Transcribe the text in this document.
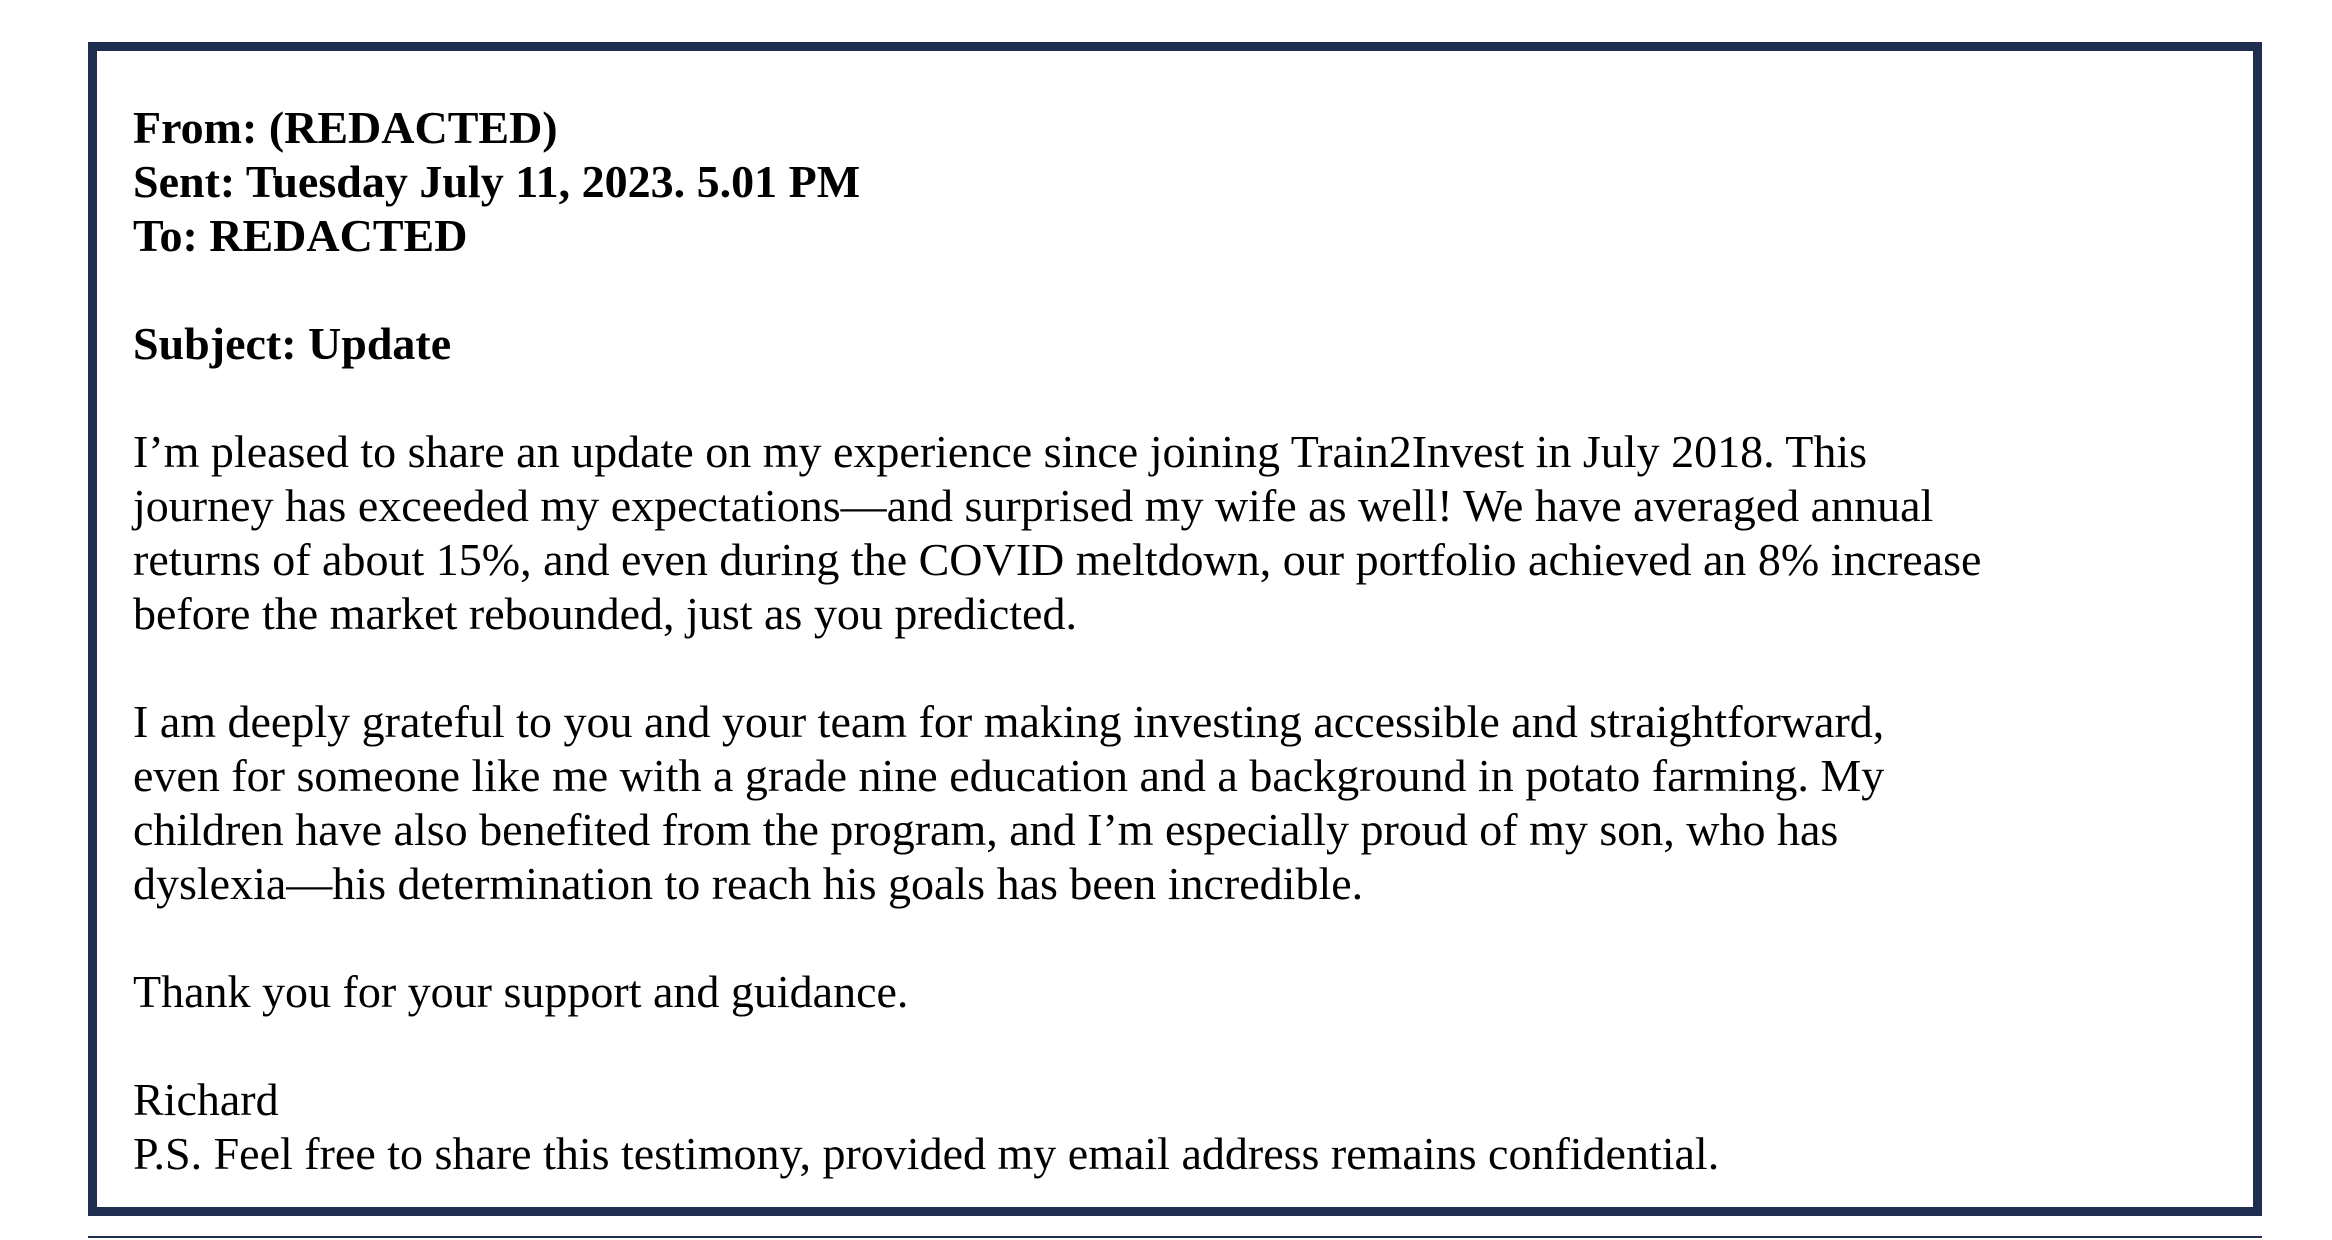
From: (REDACTED)

Sent: Tuesday July 11, 2023. 5.01 PM

To: REDACTED

Subject: Update

I’m pleased to share an update on my experience since joining Train2Invest in July 2018. This
journey has exceeded my expectations—and surprised my wife as well! We have averaged annual
returns of about 15%, and even during the COVID meltdown, our portfolio achieved an 8% increase
before the market rebounded, just as you predicted.

I am deeply grateful to you and your team for making investing accessible and straightforward,
even for someone like me with a grade nine education and a background in potato farming. My
children have also benefited from the program, and I’m especially proud of my son, who has
dyslexia—his determination to reach his goals has been incredible.

Thank you for your support and guidance.

Richard
P.S. Feel free to share this testimony, provided my email address remains confidential.
